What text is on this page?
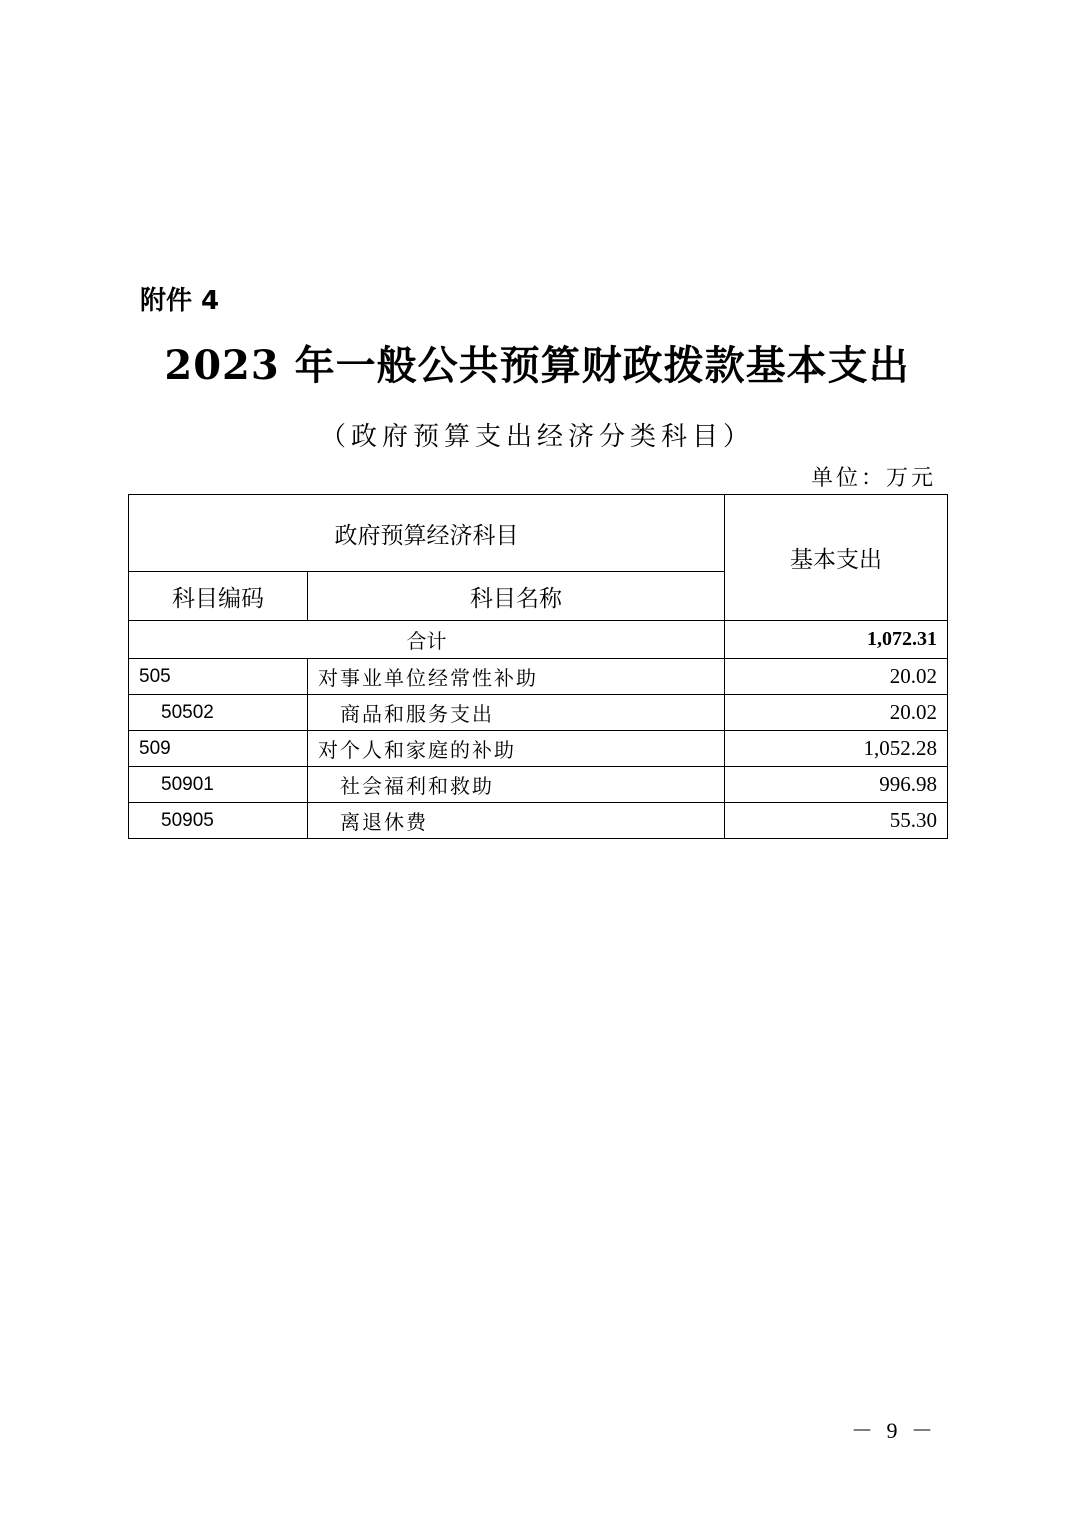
附件 4
2023 年一般公共预算财政拨款基本支出
（政府预算支出经济分类科目）
单位：万元
政府预算经济科目		基本支出
科目编码	科目名称	
合计		1,072.31
505	对事业单位经常性补助	20.02
50502	商品和服务支出	20.02
509	对个人和家庭的补助	1,052.28
50901	社会福利和救助	996.98
50905	离退休费	55.30
－ 9 －
